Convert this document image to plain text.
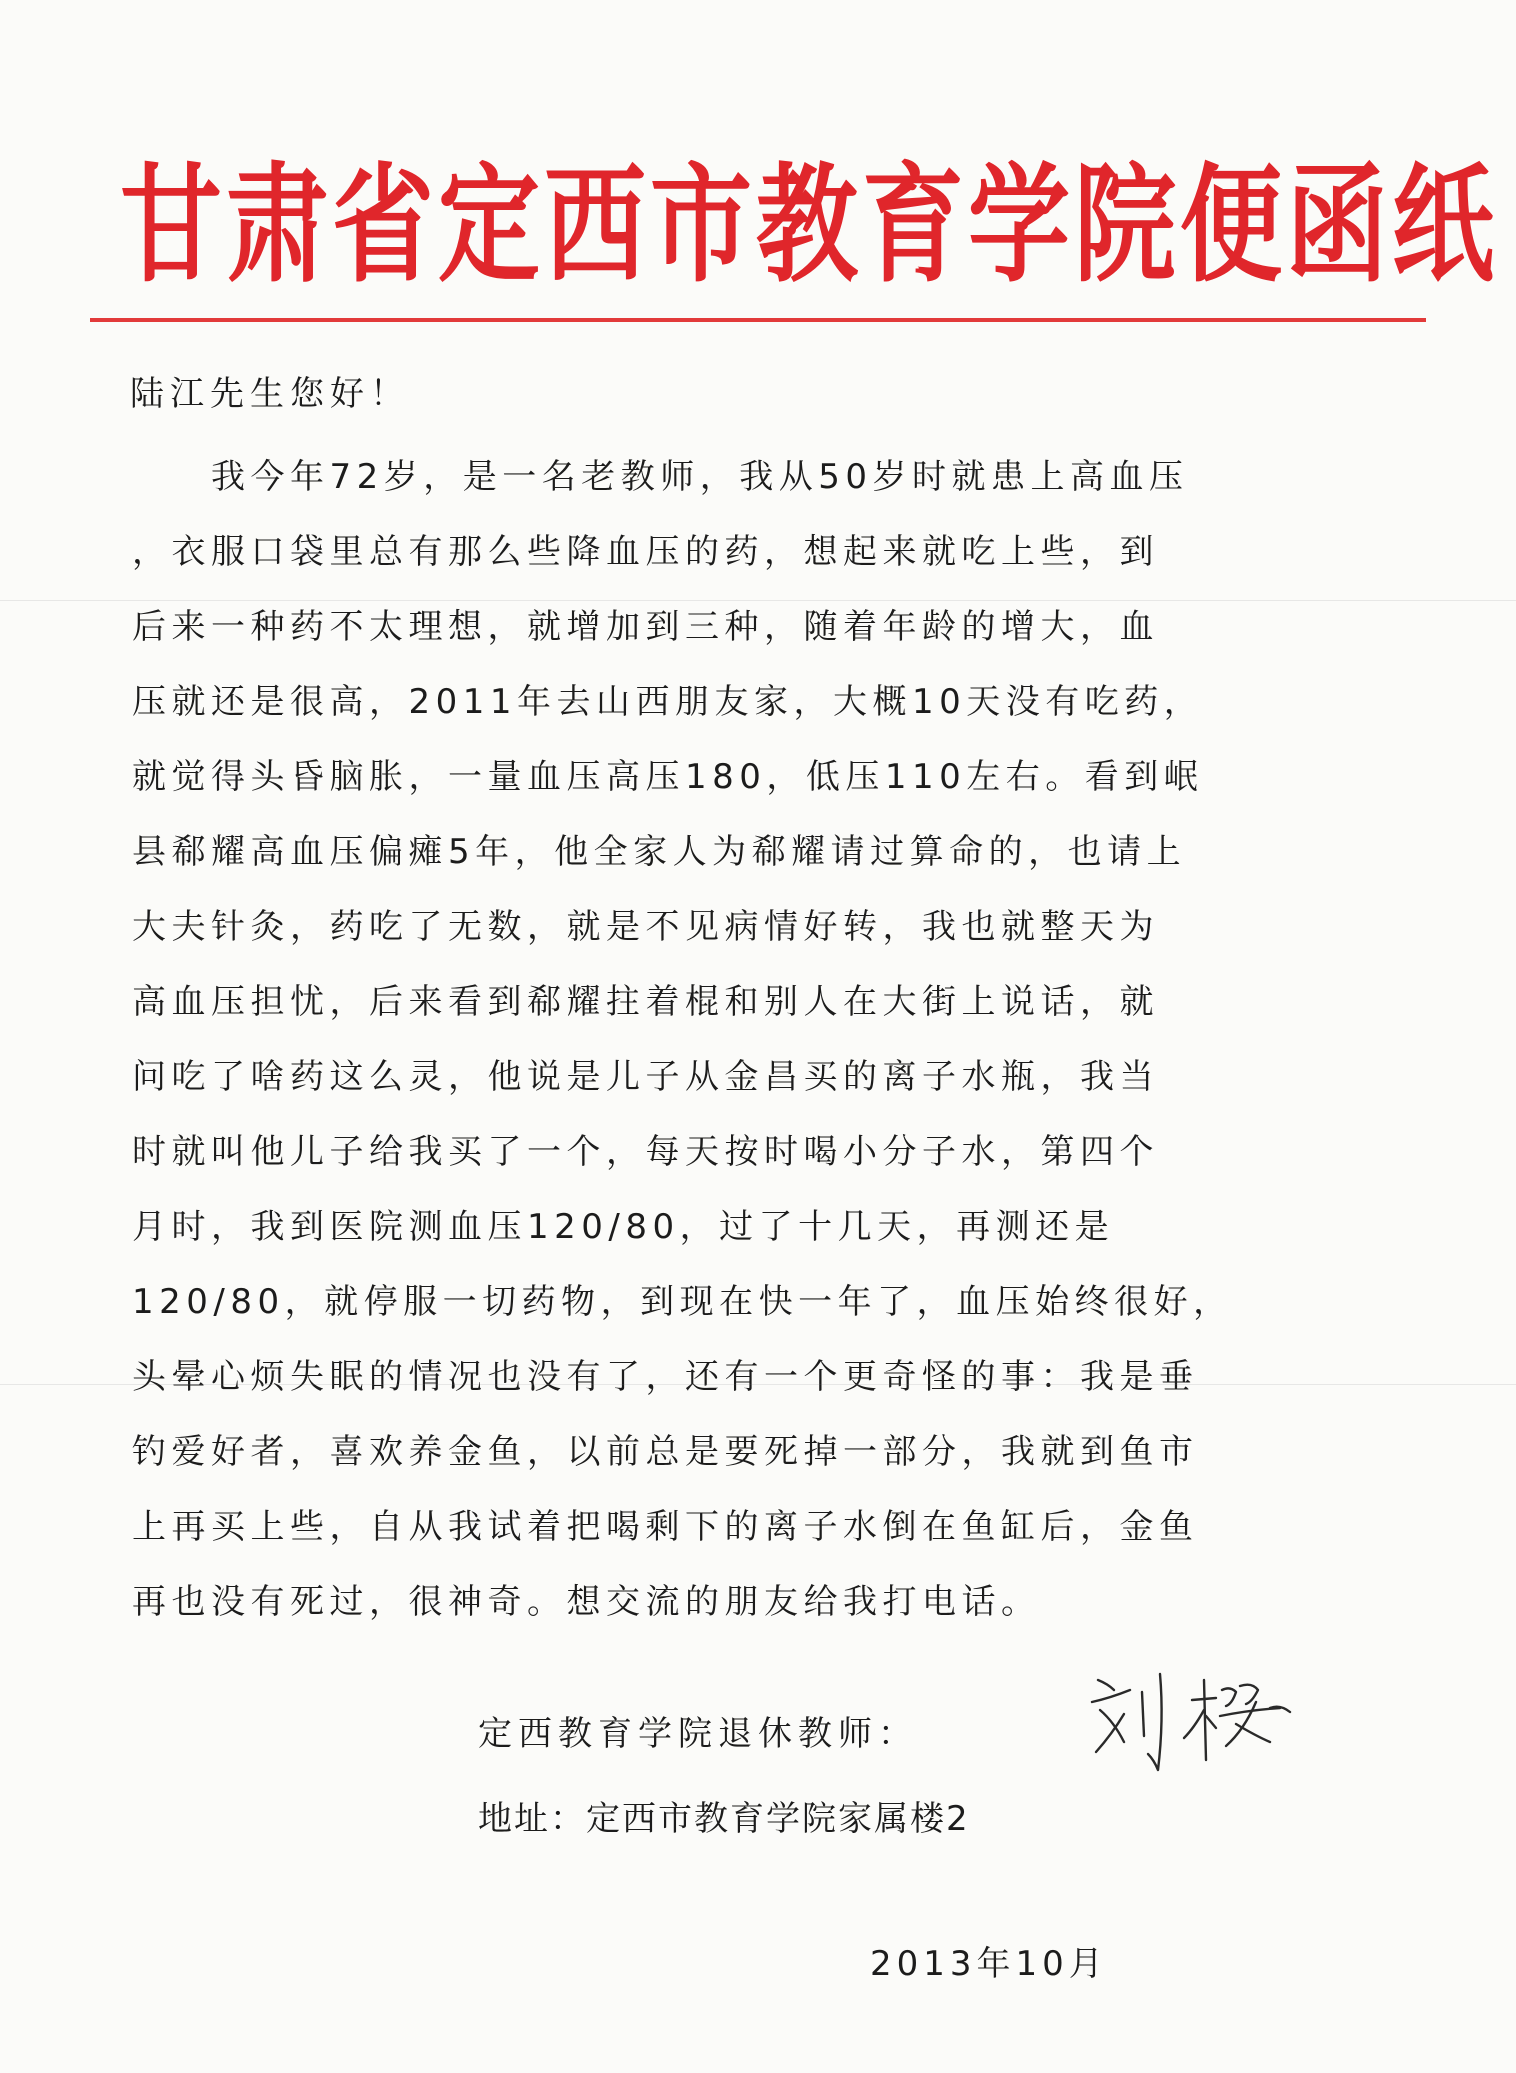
甘肃省定西市教育学院便函纸
陆江先生您好！
　　我今年72岁，是一名老教师，我从50岁时就患上高血压
，衣服口袋里总有那么些降血压的药，想起来就吃上些，到
后来一种药不太理想，就增加到三种，随着年龄的增大，血
压就还是很高，2011年去山西朋友家，大概10天没有吃药，
就觉得头昏脑胀，一量血压高压180，低压110左右。看到岷
县郗耀高血压偏瘫5年，他全家人为郗耀请过算命的，也请上
大夫针灸，药吃了无数，就是不见病情好转，我也就整天为
高血压担忧，后来看到郗耀拄着棍和别人在大街上说话，就
问吃了啥药这么灵，他说是儿子从金昌买的离子水瓶，我当
时就叫他儿子给我买了一个，每天按时喝小分子水，第四个
月时，我到医院测血压120/80，过了十几天，再测还是
120/80，就停服一切药物，到现在快一年了，血压始终很好，
头晕心烦失眠的情况也没有了，还有一个更奇怪的事：我是垂
钓爱好者，喜欢养金鱼，以前总是要死掉一部分，我就到鱼市
上再买上些，自从我试着把喝剩下的离子水倒在鱼缸后，金鱼
再也没有死过，很神奇。想交流的朋友给我打电话。
定西教育学院退休教师：
地址：定西市教育学院家属楼2
2013年10月
